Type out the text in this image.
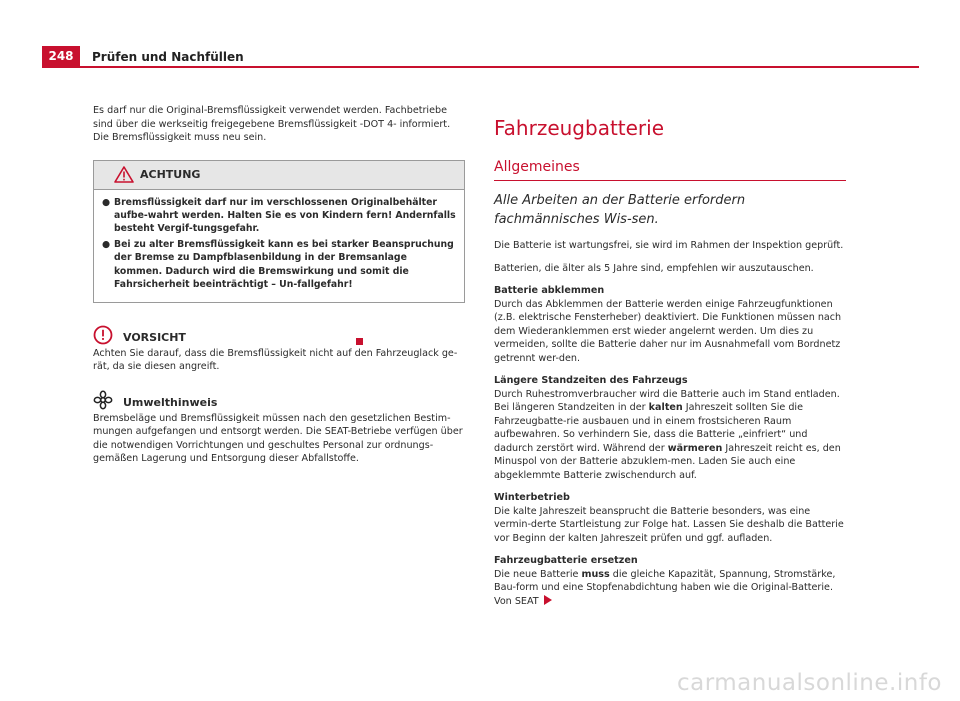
248	Prüfen und Nachfüllen

Es darf nur die Original-Bremsflüssigkeit verwendet werden. Fachbetriebe sind über die werkseitig freigegebene Bremsflüssigkeit -DOT 4- informiert. Die Bremsflüssigkeit muss neu sein.

ACHTUNG
● Bremsflüssigkeit darf nur im verschlossenen Originalbehälter aufbe-wahrt werden. Halten Sie es von Kindern fern! Andernfalls besteht Vergif-tungsgefahr.
● Bei zu alter Bremsflüssigkeit kann es bei starker Beanspruchung der Bremse zu Dampfblasenbildung in der Bremsanlage kommen. Dadurch wird die Bremswirkung und somit die Fahrsicherheit beeinträchtigt – Un-fallgefahr!
VORSICHT

Achten Sie darauf, dass die Bremsflüssigkeit nicht auf den Fahrzeuglack ge-rät, da sie diesen angreift.

Umwelthinweis

Bremsbeläge und Bremsflüssigkeit müssen nach den gesetzlichen Bestim-mungen aufgefangen und entsorgt werden. Die SEAT-Betriebe verfügen über die notwendigen Vorrichtungen und geschultes Personal zur ordnungs-gemäßen Lagerung und Entsorgung dieser Abfallstoffe.

Fahrzeugbatterie
Allgemeines

Alle Arbeiten an der Batterie erfordern fachmännisches Wis-sen.

Die Batterie ist wartungsfrei, sie wird im Rahmen der Inspektion geprüft.

Batterien, die älter als 5 Jahre sind, empfehlen wir auszutauschen.

Batterie abklemmen

Durch das Abklemmen der Batterie werden einige Fahrzeugfunktionen (z.B. elektrische Fensterheber) deaktiviert. Die Funktionen müssen nach dem Wiederanklemmen erst wieder angelernt werden. Um dies zu vermeiden, sollte die Batterie daher nur im Ausnahmefall vom Bordnetz getrennt wer-den.

Längere Standzeiten des Fahrzeugs

Durch Ruhestromverbraucher wird die Batterie auch im Stand entladen. Bei längeren Standzeiten in der kalten Jahreszeit sollten Sie die Fahrzeugbatte-rie ausbauen und in einem frostsicheren Raum aufbewahren. So verhindern Sie, dass die Batterie „einfriert“ und dadurch zerstört wird. Während der wärmeren Jahreszeit reicht es, den Minuspol von der Batterie abzuklem-men. Laden Sie auch eine abgeklemmte Batterie zwischendurch auf.

Winterbetrieb

Die kalte Jahreszeit beansprucht die Batterie besonders, was eine vermin-derte Startleistung zur Folge hat. Lassen Sie deshalb die Batterie vor Beginn der kalten Jahreszeit prüfen und ggf. aufladen.

Fahrzeugbatterie ersetzen

Die neue Batterie muss die gleiche Kapazität, Spannung, Stromstärke, Bau-form und eine Stopfenabdichtung haben wie die Original-Batterie. Von SEAT

carmanualsonline.info
